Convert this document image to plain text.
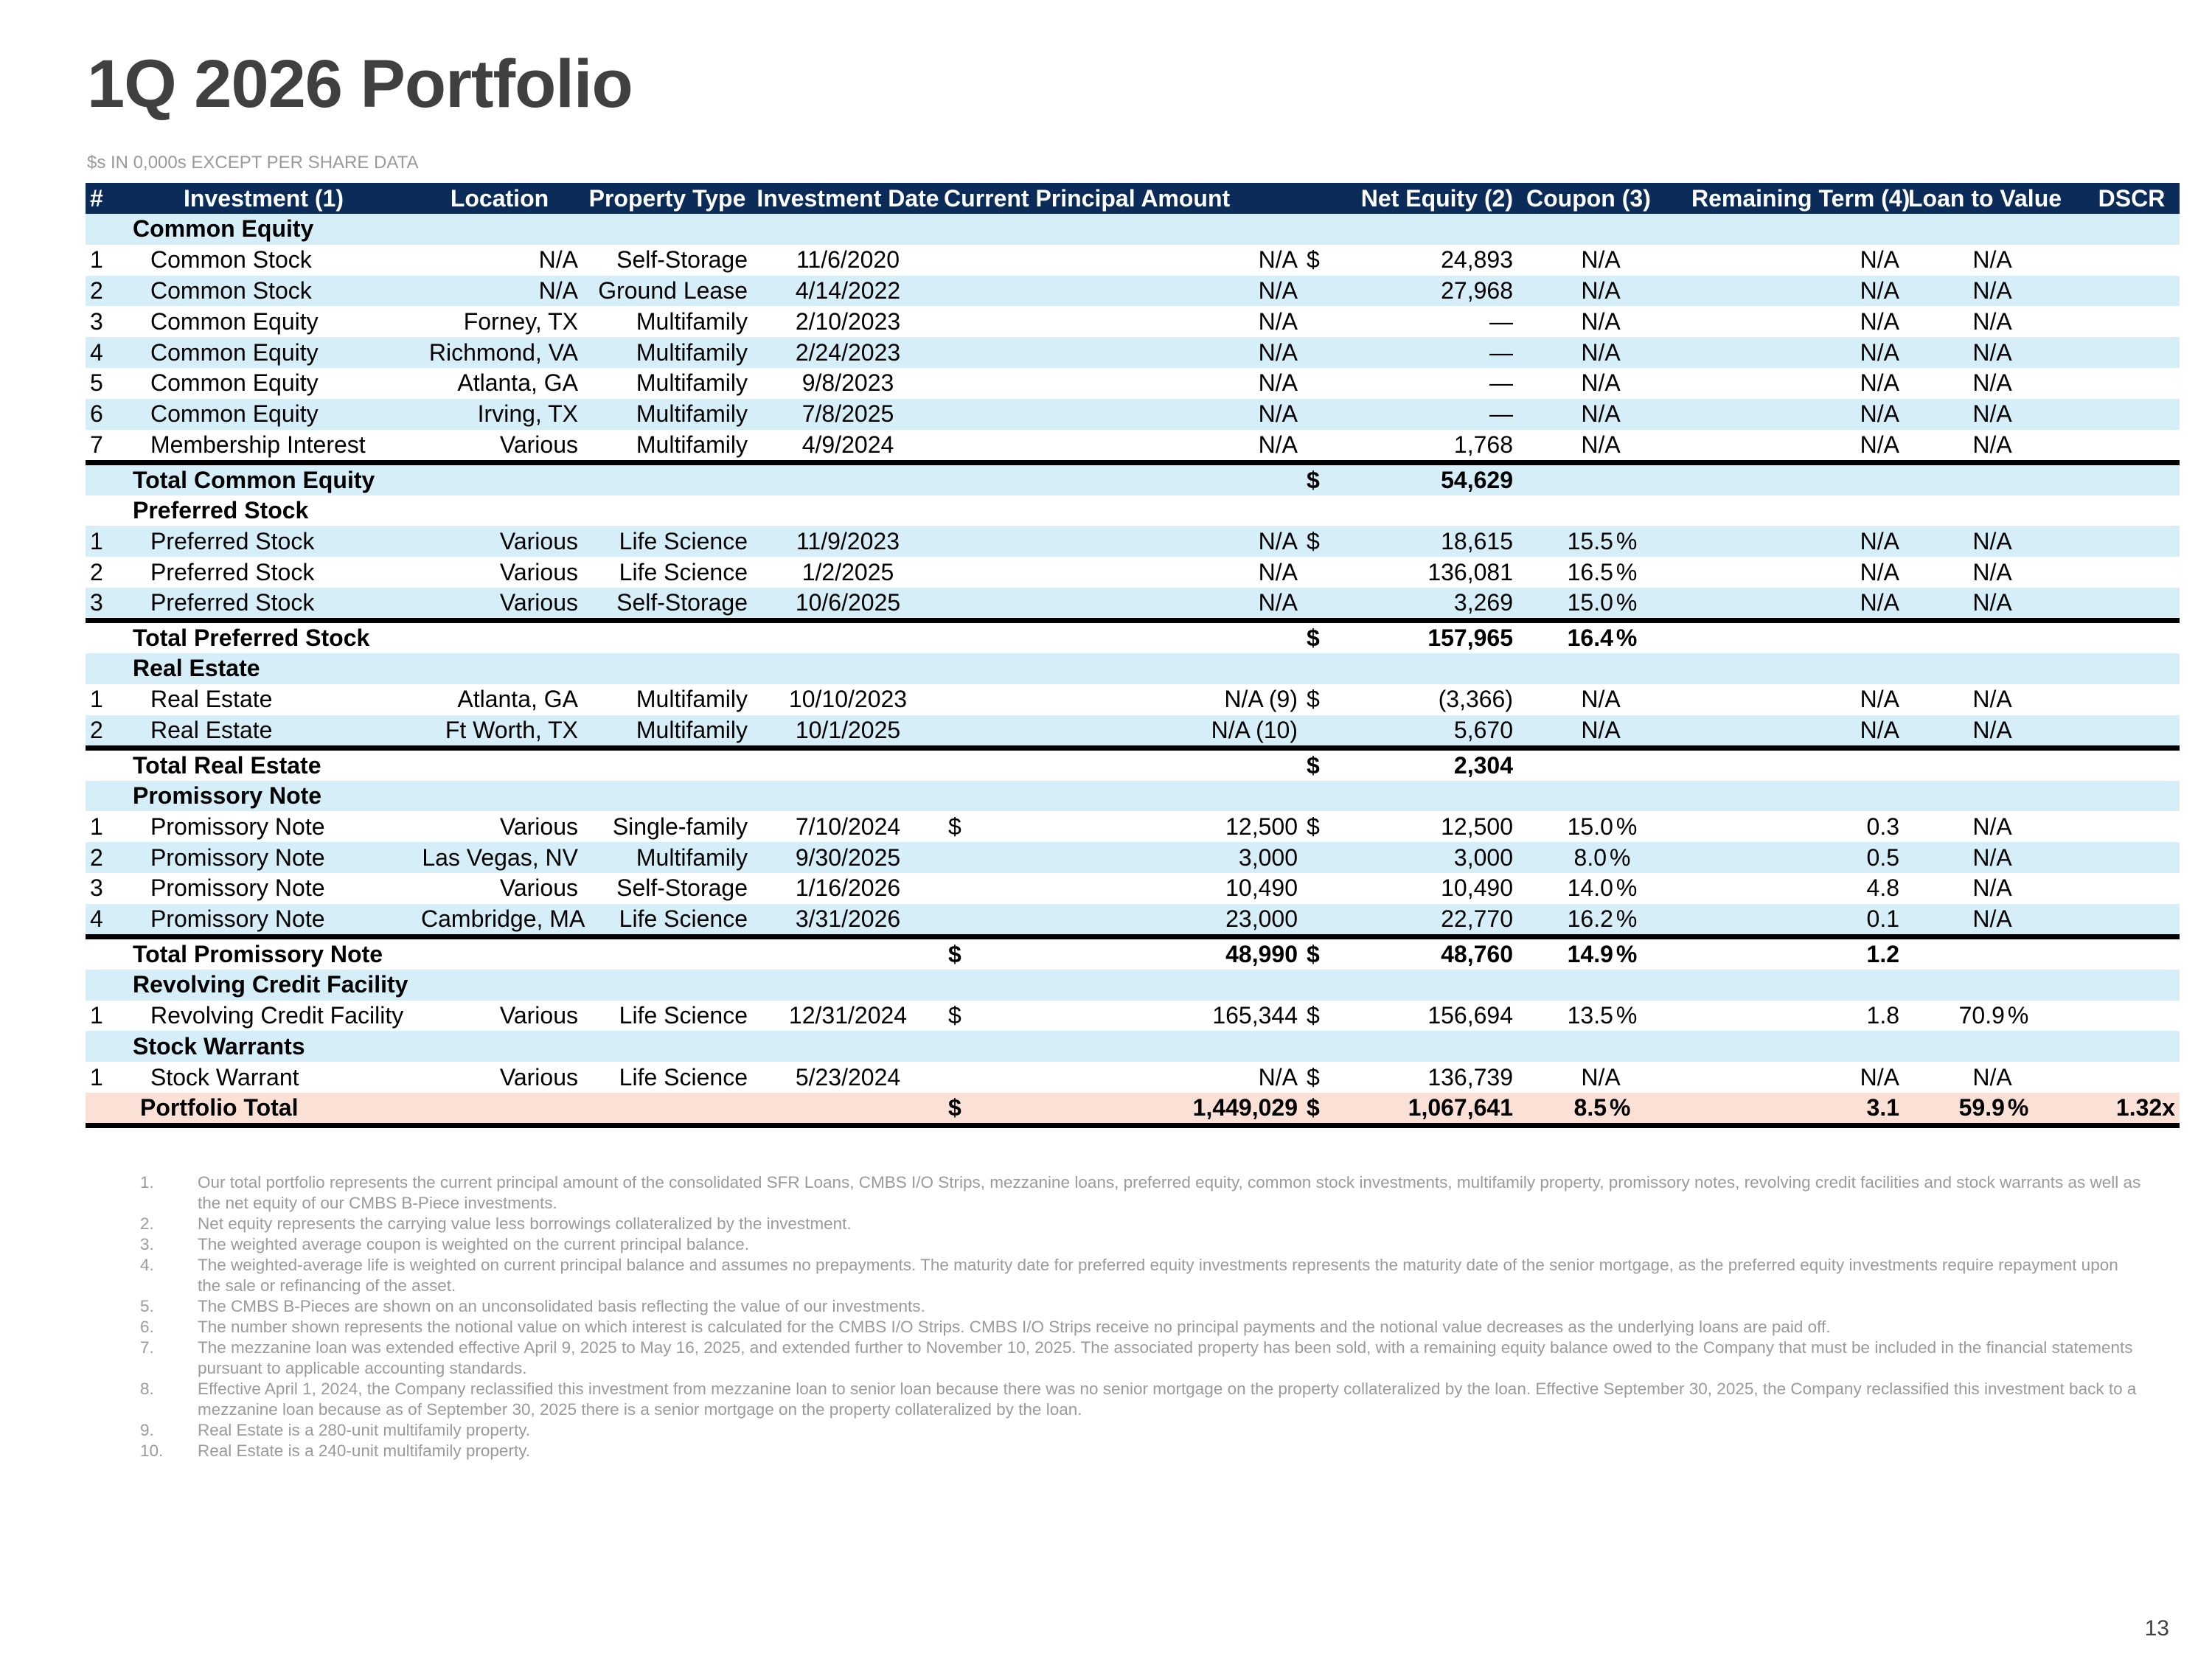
1Q 2026 Portfolio
$s IN 0,000s EXCEPT PER SHARE DATA
#	Investment (1)	Location	Property Type	Investment Date	Current Principal Amount	Net Equity (2)	Coupon (3)	Remaining Term (4)	Loan to Value	DSCR
	Common Equity									
1	Common Stock	N/A	Self-Storage	11/6/2020	N/A	$ 24,893	N/A	N/A	N/A	
2	Common Stock	N/A	Ground Lease	4/14/2022	N/A	27,968	N/A	N/A	N/A	
3	Common Equity	Forney, TX	Multifamily	2/10/2023	N/A	—	N/A	N/A	N/A	
4	Common Equity	Richmond, VA	Multifamily	2/24/2023	N/A	—	N/A	N/A	N/A	
5	Common Equity	Atlanta, GA	Multifamily	9/8/2023	N/A	—	N/A	N/A	N/A	
6	Common Equity	Irving, TX	Multifamily	7/8/2025	N/A	—	N/A	N/A	N/A	
7	Membership Interest	Various	Multifamily	4/9/2024	N/A	1,768	N/A	N/A	N/A	
	Total Common Equity					$ 54,629				
	Preferred Stock									
1	Preferred Stock	Various	Life Science	11/9/2023	N/A	$ 18,615	15.5 %	N/A	N/A	
2	Preferred Stock	Various	Life Science	1/2/2025	N/A	136,081	16.5 %	N/A	N/A	
3	Preferred Stock	Various	Self-Storage	10/6/2025	N/A	3,269	15.0 %	N/A	N/A	
	Total Preferred Stock					$ 157,965	16.4 %			
	Real Estate									
1	Real Estate	Atlanta, GA	Multifamily	10/10/2023	N/A (9)	$ (3,366)	N/A	N/A	N/A	
2	Real Estate	Ft Worth, TX	Multifamily	10/1/2025	N/A (10)	5,670	N/A	N/A	N/A	
	Total Real Estate					$ 2,304				
	Promissory Note									
1	Promissory Note	Various	Single-family	7/10/2024	$ 12,500	$ 12,500	15.0 %	0.3	N/A	
2	Promissory Note	Las Vegas, NV	Multifamily	9/30/2025	3,000	3,000	8.0 %	0.5	N/A	
3	Promissory Note	Various	Self-Storage	1/16/2026	10,490	10,490	14.0 %	4.8	N/A	
4	Promissory Note	Cambridge, MA	Life Science	3/31/2026	23,000	22,770	16.2 %	0.1	N/A	
	Total Promissory Note				$ 48,990	$ 48,760	14.9 %	1.2		
	Revolving Credit Facility									
1	Revolving Credit Facility	Various	Life Science	12/31/2024	$ 165,344	$ 156,694	13.5 %	1.8	70.9 %	
	Stock Warrants									
1	Stock Warrant	Various	Life Science	5/23/2024	N/A	$ 136,739	N/A	N/A	N/A	
	Portfolio Total				$ 1,449,029	$ 1,067,641	8.5 %	3.1	59.9 %	1.32x
1.	Our total portfolio represents the current principal amount of the consolidated SFR Loans, CMBS I/O Strips, mezzanine loans, preferred equity, common stock investments, multifamily property, promissory notes, revolving credit facilities and stock warrants as well as the net equity of our CMBS B-Piece investments.
2.	Net equity represents the carrying value less borrowings collateralized by the investment.
3.	The weighted average coupon is weighted on the current principal balance.
4.	The weighted-average life is weighted on current principal balance and assumes no prepayments. The maturity date for preferred equity investments represents the maturity date of the senior mortgage, as the preferred equity investments require repayment upon the sale or refinancing of the asset.
5.	The CMBS B-Pieces are shown on an unconsolidated basis reflecting the value of our investments.
6.	The number shown represents the notional value on which interest is calculated for the CMBS I/O Strips. CMBS I/O Strips receive no principal payments and the notional value decreases as the underlying loans are paid off.
7.	The mezzanine loan was extended effective April 9, 2025 to May 16, 2025, and extended further to November 10, 2025. The associated property has been sold, with a remaining equity balance owed to the Company that must be included in the financial statements pursuant to applicable accounting standards.
8.	Effective April 1, 2024, the Company reclassified this investment from mezzanine loan to senior loan because there was no senior mortgage on the property collateralized by the loan. Effective September 30, 2025, the Company reclassified this investment back to a mezzanine loan because as of September 30, 2025 there is a senior mortgage on the property collateralized by the loan.
9.	Real Estate is a 280-unit multifamily property.
10.	Real Estate is a 240-unit multifamily property.
13
